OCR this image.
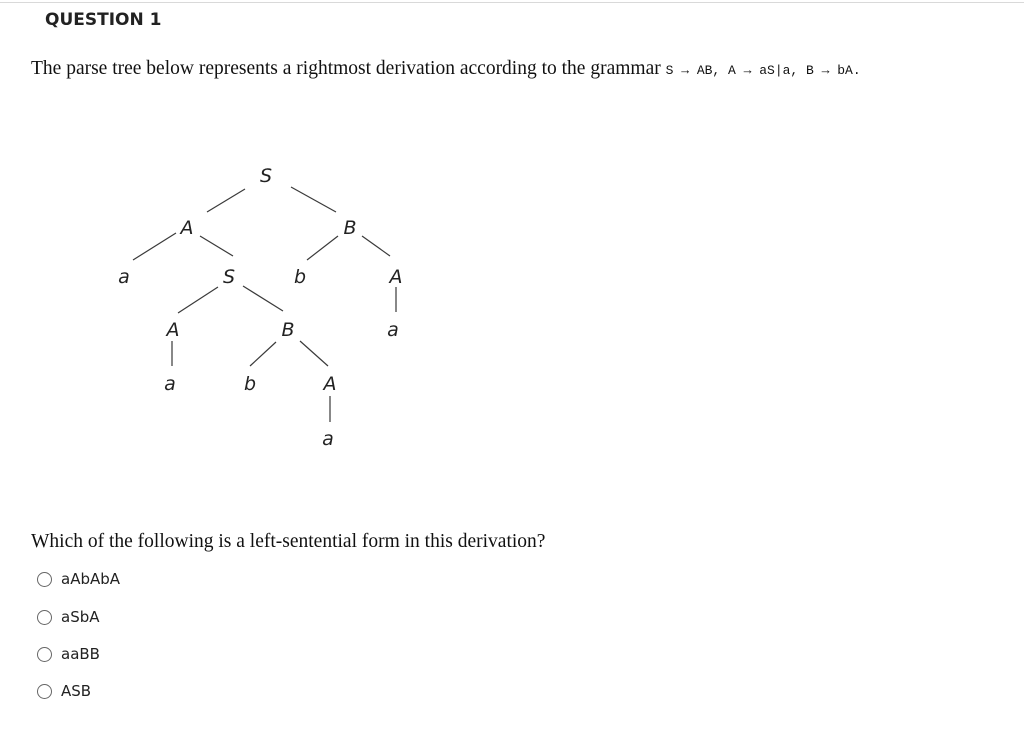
QUESTION 1
The parse tree below represents a rightmost derivation according to the grammar S → AB, A → aS|a, B → bA.
S
A	B
a	S	b	A
A	B	a
a	b	A
a
Which of the following is a left-sentential form in this derivation?
aAbAbA
aSbA
aaBB
ASB
